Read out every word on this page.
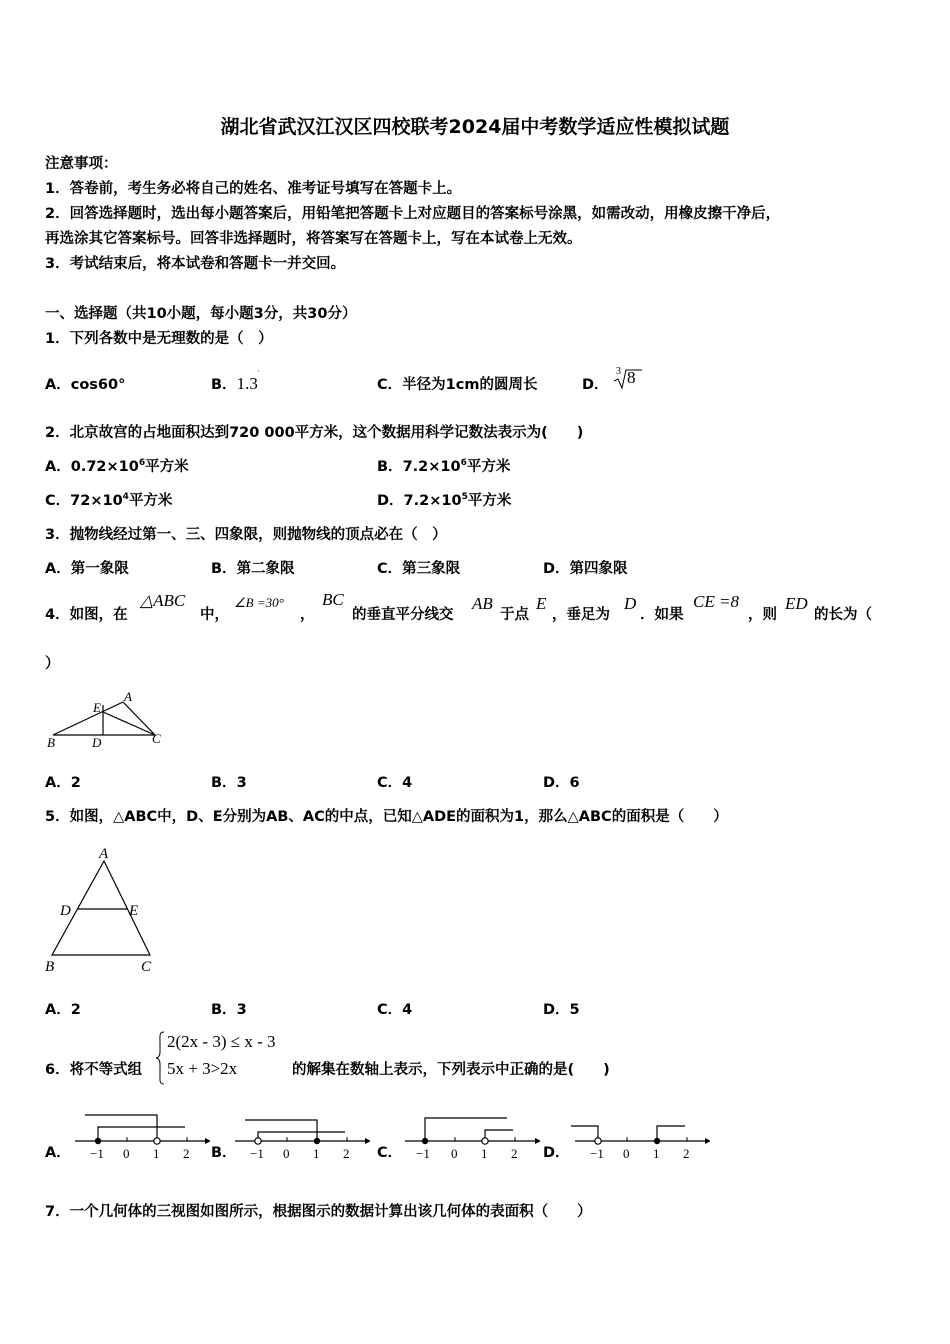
湖北省武汉江汉区四校联考2024届中考数学适应性模拟试题
注意事项：
1．答卷前，考生务必将自己的姓名、准考证号填写在答题卡上。
2．回答选择题时，选出每小题答案后，用铅笔把答题卡上对应题目的答案标号涂黑，如需改动，用橡皮擦干净后，
再选涂其它答案标号。回答非选择题时，将答案写在答题卡上，写在本试卷上无效。
3．考试结束后，将本试卷和答题卡一并交回。
一、选择题（共10小题，每小题3分，共30分）
1．下列各数中是无理数的是（　）
A．cos60°	B．1.3
·
C．半径为1cm的圆周长	D．
3 8
2．北京故宫的占地面积达到720 000平方米，这个数据用科学记数法表示为(　　)
A．$0.72\times 10^6$平方米	B．$7.2\times 10^6$平方米
C．$72\times 10^4$平方米	D．$7.2\times 10^5$平方米
3．抛物线经过第一、三、四象限，则抛物线的顶点必在（　）
A．第一象限	B．第二象限	C．第三象限	D．第四象限
4．如图，在
△ABC
中，
∠B =30°
，
BC
的垂直平分线交
AB
于点
E
，垂足为
D
．如果
CE =8
，则
ED
的长为（
）
A
B	C
D
E
A．2	B．3	C．4	D．6
5．如图，△ABC中，D、E分别为AB、AC的中点，已知△ADE的面积为1，那么△ABC的面积是（　　）
A
D	E
B	C
A．2	B．3	C．4	D．5
6．将不等式组
2(2x - 3) ≤ x - 3
5x + 3>2x	的解集在数轴上表示，下列表示中正确的是(　　)
A． −1 0 1 2 B． −1 0 1 2 C． −1 0 1 2 D． −1 0 1 2
7．一个几何体的三视图如图所示，根据图示的数据计算出该几何体的表面积（　　）
